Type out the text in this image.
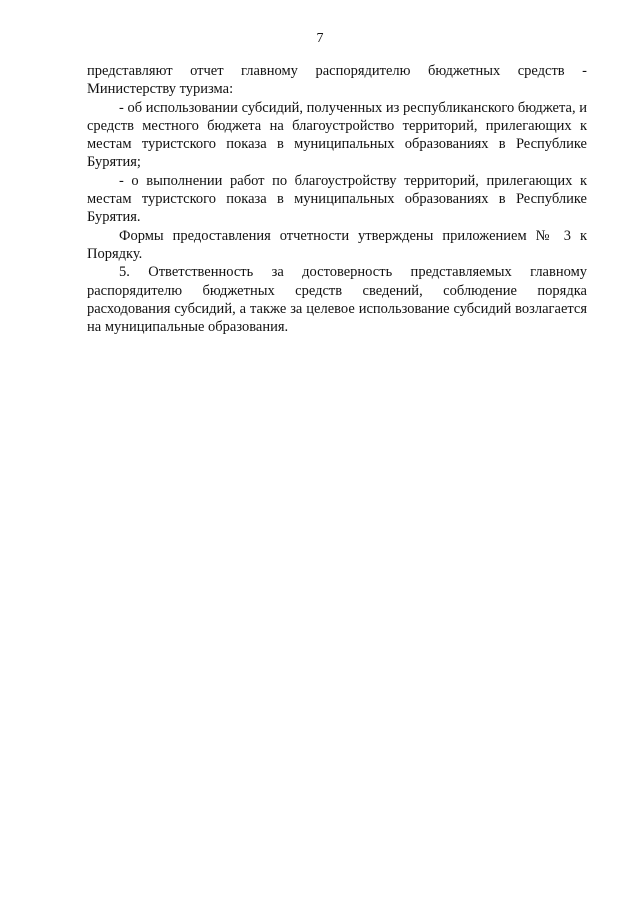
7

представляют отчет главному распорядителю бюджетных средств - Министерству туризма:

- об использовании субсидий, полученных из республиканского бюджета, и средств местного бюджета на благоустройство территорий, прилегающих к местам туристского показа в муниципальных образованиях в Республике Бурятия;

- о выполнении работ по благоустройству территорий, прилегающих к местам туристского показа в муниципальных образованиях в Республике Бурятия.

Формы предоставления отчетности утверждены приложением № 3 к Порядку.

5. Ответственность за достоверность представляемых главному распорядителю бюджетных средств сведений, соблюдение порядка расходования субсидий, а также за целевое использование субсидий возлагается на муниципальные образования.
